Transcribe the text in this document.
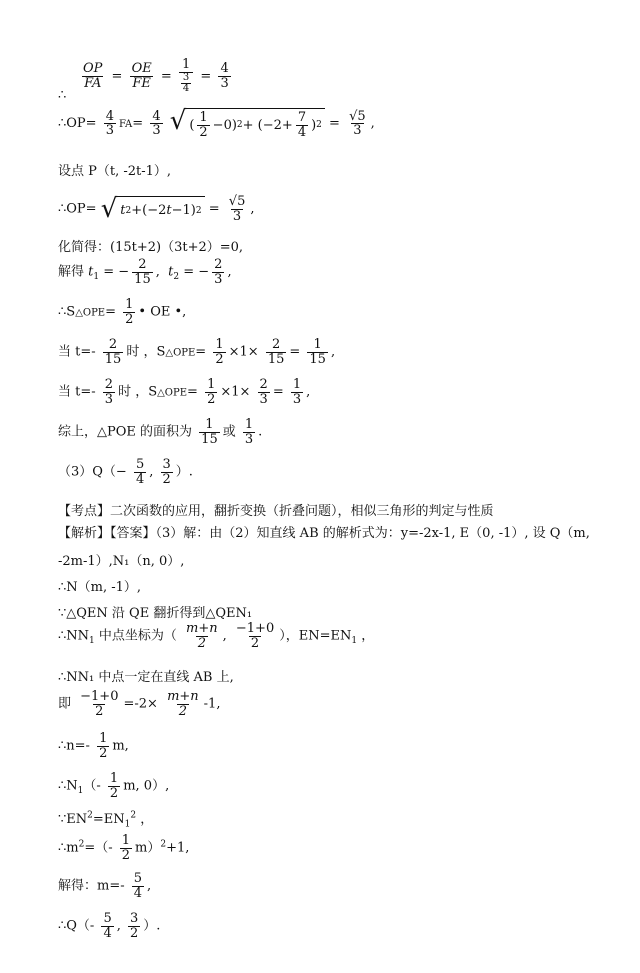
∴
$\frac{OP}{FA} = \frac{OE}{FE} = \frac{1}{\frac{3}{4}} = \frac{4}{3}$
∴OP= $\frac{4}{3} FA= \frac{4}{3}$
√ ( $\frac{1}{2} -0$) $2 + (-2+ \frac{7}{4}$ ) $2 = \frac{√5}{3}$ ,
设点 P（t, -2t-1）,
∴OP= √ t 2 +(−2 t −1) $2 = \frac{√5}{3}$ ,
化简得：(15t+2)（3t+2）=0,
解得 $t_1$ = − $\frac{2}{15}$ ,  $t_2$ = − $\frac{2}{3}$ ,
∴S△OPE= $\frac{1}{2}$ • OE •,
当 $t=- \frac{2}{15}$ 时 ，S△OPE= $\frac{1}{2} \times 1\times \frac{2}{15} = \frac{1}{15}$ ,
当 $t=- \frac{2}{3}$ 时 ，S△OPE= $\frac{1}{2} \times 1\times \frac{2}{3} = \frac{1}{3}$ ,
综上，△POE 的面积为 $\frac{1}{15}$ 或 $\frac{1}{3}$ .
$(3)Q(- \frac{5}{4}$ , $\frac{3}{2}$ ）.
【考点】二次函数的应用，翻折变换（折叠问题），相似三角形的判定与性质
【解析】【答案】（3）解：由（2）知直线 AB 的解析式为：y=-2x-1, E（0, -1）, 设 Q（m,
-2m-1）,N₁（n, 0）,
∴N（m, -1）,
∵△QEN 沿 QE 翻折得到△QEN₁
$\therefore NN_1$ 中点坐标为（ $\frac{m+n}{2}$ , $\frac{-1+0}{2}$ ），$EN=EN_1$ ，
∴NN₁ 中点一定在直线 AB 上,
即 $\frac{-1+0}{2} =-2\times \frac{m+n}{2} -1$,
∴n=- $\frac{1}{2} m$,
$\therefore N_1(- \frac{1}{2} m$, 0）,
$\because EN^2=EN_1^2$ ，
$\therefore m^2=(- \frac{1}{2} m)^2+1$,
解得：$m=- \frac{5}{4}$ ,
∴Q（- $\frac{5}{4}$ , $\frac{3}{2}$ ）.
